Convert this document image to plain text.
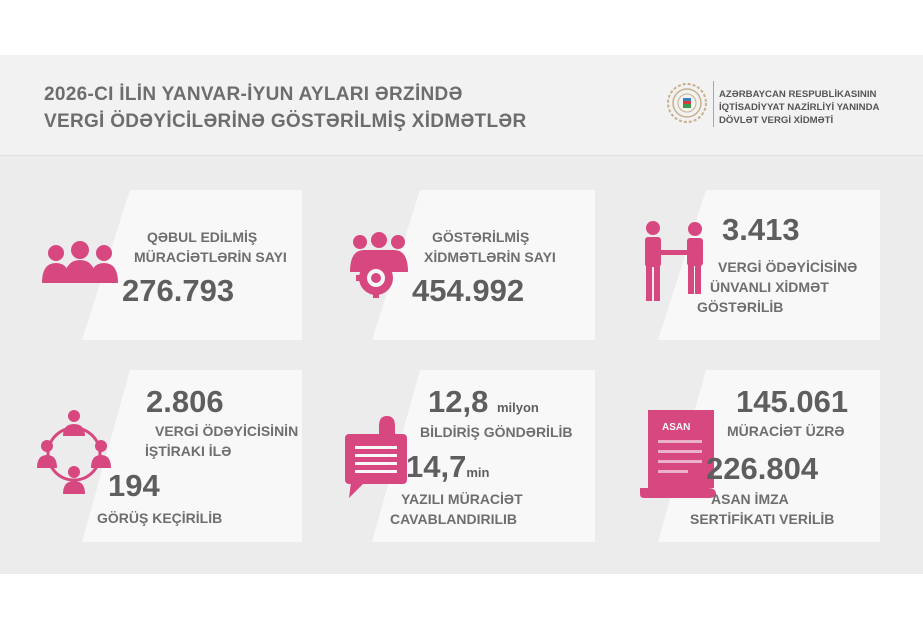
2026-CI İLİN YANVAR-İYUN AYLARI ƏRZİNDƏ
VERGİ ÖDƏYİCİLƏRİNƏ GÖSTƏRİLMİŞ XİDMƏTLƏR
AZƏRBAYCAN RESPUBLİKASININ
İQTİSADİYYAT NAZİRLİYİ YANINDA
DÖVLƏT VERGİ XİDMƏTİ
QƏBUL EDİLMİŞ
MÜRACİƏTLƏRİN SAYI
276.793
GÖSTƏRİLMİŞ
XİDMƏTLƏRİN SAYI
454.992
3.413
VERGİ ÖDƏYİCİSİNƏ
ÜNVANLI XİDMƏT
GÖSTƏRİLİB
2.806
VERGİ ÖDƏYİCİSİNİN
İŞTİRAKI İLƏ
194
GÖRÜŞ KEÇİRİLİB
12,8 milyon
BİLDİRİŞ GÖNDƏRİLİB
14,7min
YAZILI MÜRACİƏT
CAVABLANDIRILIB
ASAN
145.061
MÜRACİƏT ÜZRƏ
226.804
ASAN İMZA
SERTİFİKATI VERİLİB
